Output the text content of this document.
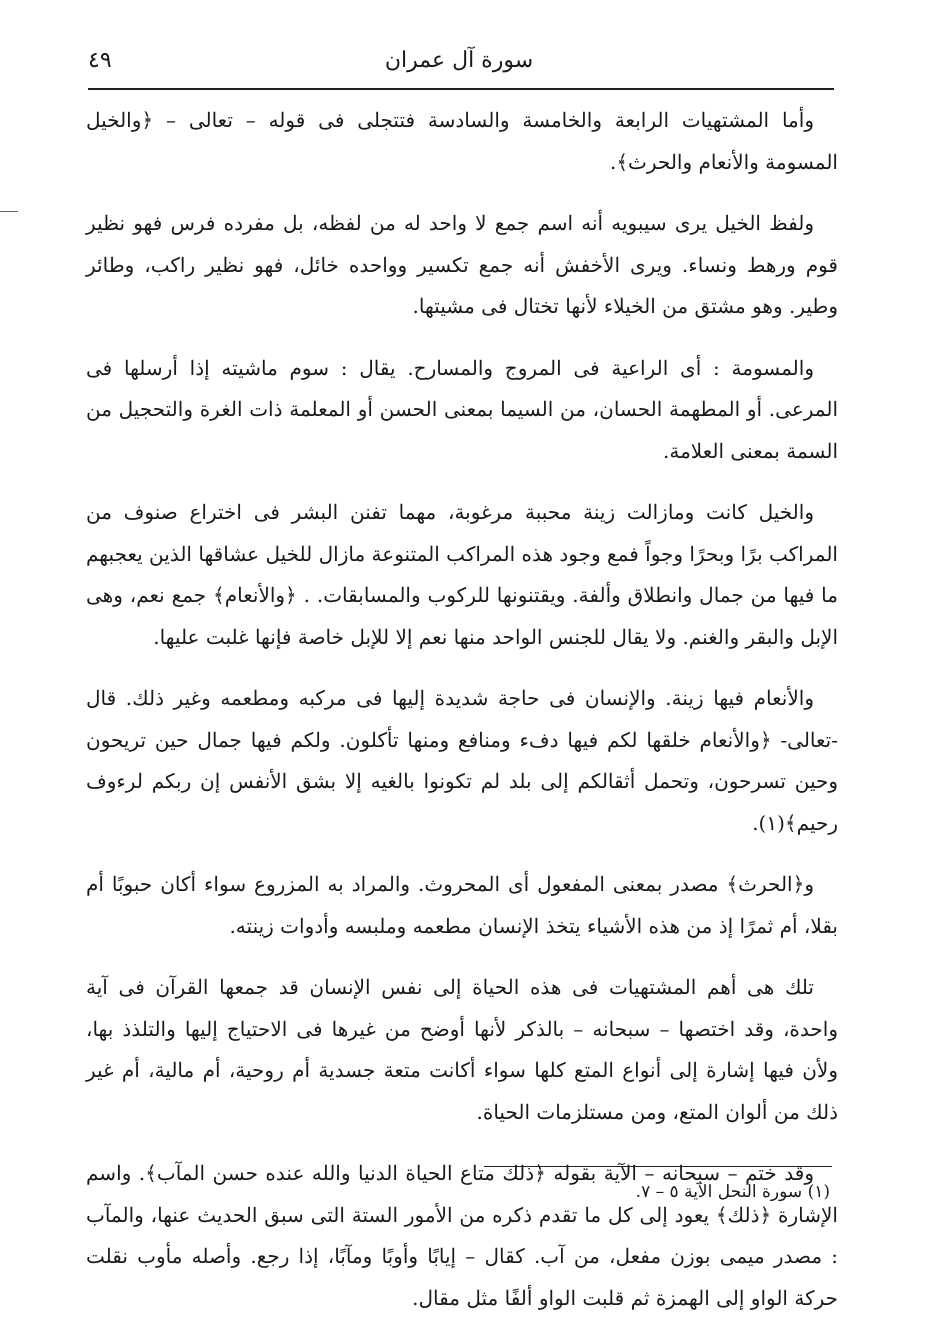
٤٩	سورة آل عمران

وأما المشتهيات الرابعة والخامسة والسادسة فتتجلى فى قوله – تعالى – ﴿والخيل المسومة والأنعام والحرث﴾.

ولفظ الخيل يرى سيبويه أنه اسم جمع لا واحد له من لفظه، بل مفرده فرس فهو نظير قوم ورهط ونساء. ويرى الأخفش أنه جمع تكسير وواحده خائل، فهو نظير راكب، وطائر وطير. وهو مشتق من الخيلاء لأنها تختال فى مشيتها.

والمسومة : أى الراعية فى المروج والمسارح. يقال : سوم ماشيته إذا أرسلها فى المرعى. أو المطهمة الحسان، من السيما بمعنى الحسن أو المعلمة ذات الغرة والتحجيل من السمة بمعنى العلامة.

والخيل كانت ومازالت زينة محببة مرغوبة، مهما تفنن البشر فى اختراع صنوف من المراكب برًا وبحرًا وجواً فمع وجود هذه المراكب المتنوعة مازال للخيل عشاقها الذين يعجبهم ما فيها من جمال وانطلاق وألفة. ويقتنونها للركوب والمسابقات. . ﴿والأنعام﴾ جمع نعم، وهى الإبل والبقر والغنم. ولا يقال للجنس الواحد منها نعم إلا للإبل خاصة فإنها غلبت عليها.

والأنعام فيها زينة. والإنسان فى حاجة شديدة إليها فى مركبه ومطعمه وغير ذلك. قال -تعالى- ﴿والأنعام خلقها لكم فيها دفء ومنافع ومنها تأكلون. ولكم فيها جمال حين تريحون وحين تسرحون، وتحمل أثقالكم إلى بلد لم تكونوا بالغيه إلا بشق الأنفس إن ربكم لرءوف رحيم﴾(١).

و﴿الحرث﴾ مصدر بمعنى المفعول أى المحروث. والمراد به المزروع سواء أكان حبوبًا أم بقلا، أم ثمرًا إذ من هذه الأشياء يتخذ الإنسان مطعمه وملبسه وأدوات زينته.

تلك هى أهم المشتهيات فى هذه الحياة إلى نفس الإنسان قد جمعها القرآن فى آية واحدة، وقد اختصها – سبحانه – بالذكر لأنها أوضح من غيرها فى الاحتياج إليها والتلذذ بها، ولأن فيها إشارة إلى أنواع المتع كلها سواء أكانت متعة جسدية أم روحية، أم مالية، أم غير ذلك من ألوان المتع، ومن مستلزمات الحياة.

وقد ختم – سبحانه – الآية بقوله ﴿ذلك متاع الحياة الدنيا والله عنده حسن المآب﴾. واسم الإشارة ﴿ذلك﴾ يعود إلى كل ما تقدم ذكره من الأمور الستة التى سبق الحديث عنها، والمآب : مصدر ميمى بوزن مفعل، من آب. كقال – إيابًا وأوبًا ومآبًا، إذا رجع. وأصله مأوب نقلت حركة الواو إلى الهمزة ثم قلبت الواو ألفًا مثل مقال.

(١) سورة النحل الآية ٥ – ٧.
